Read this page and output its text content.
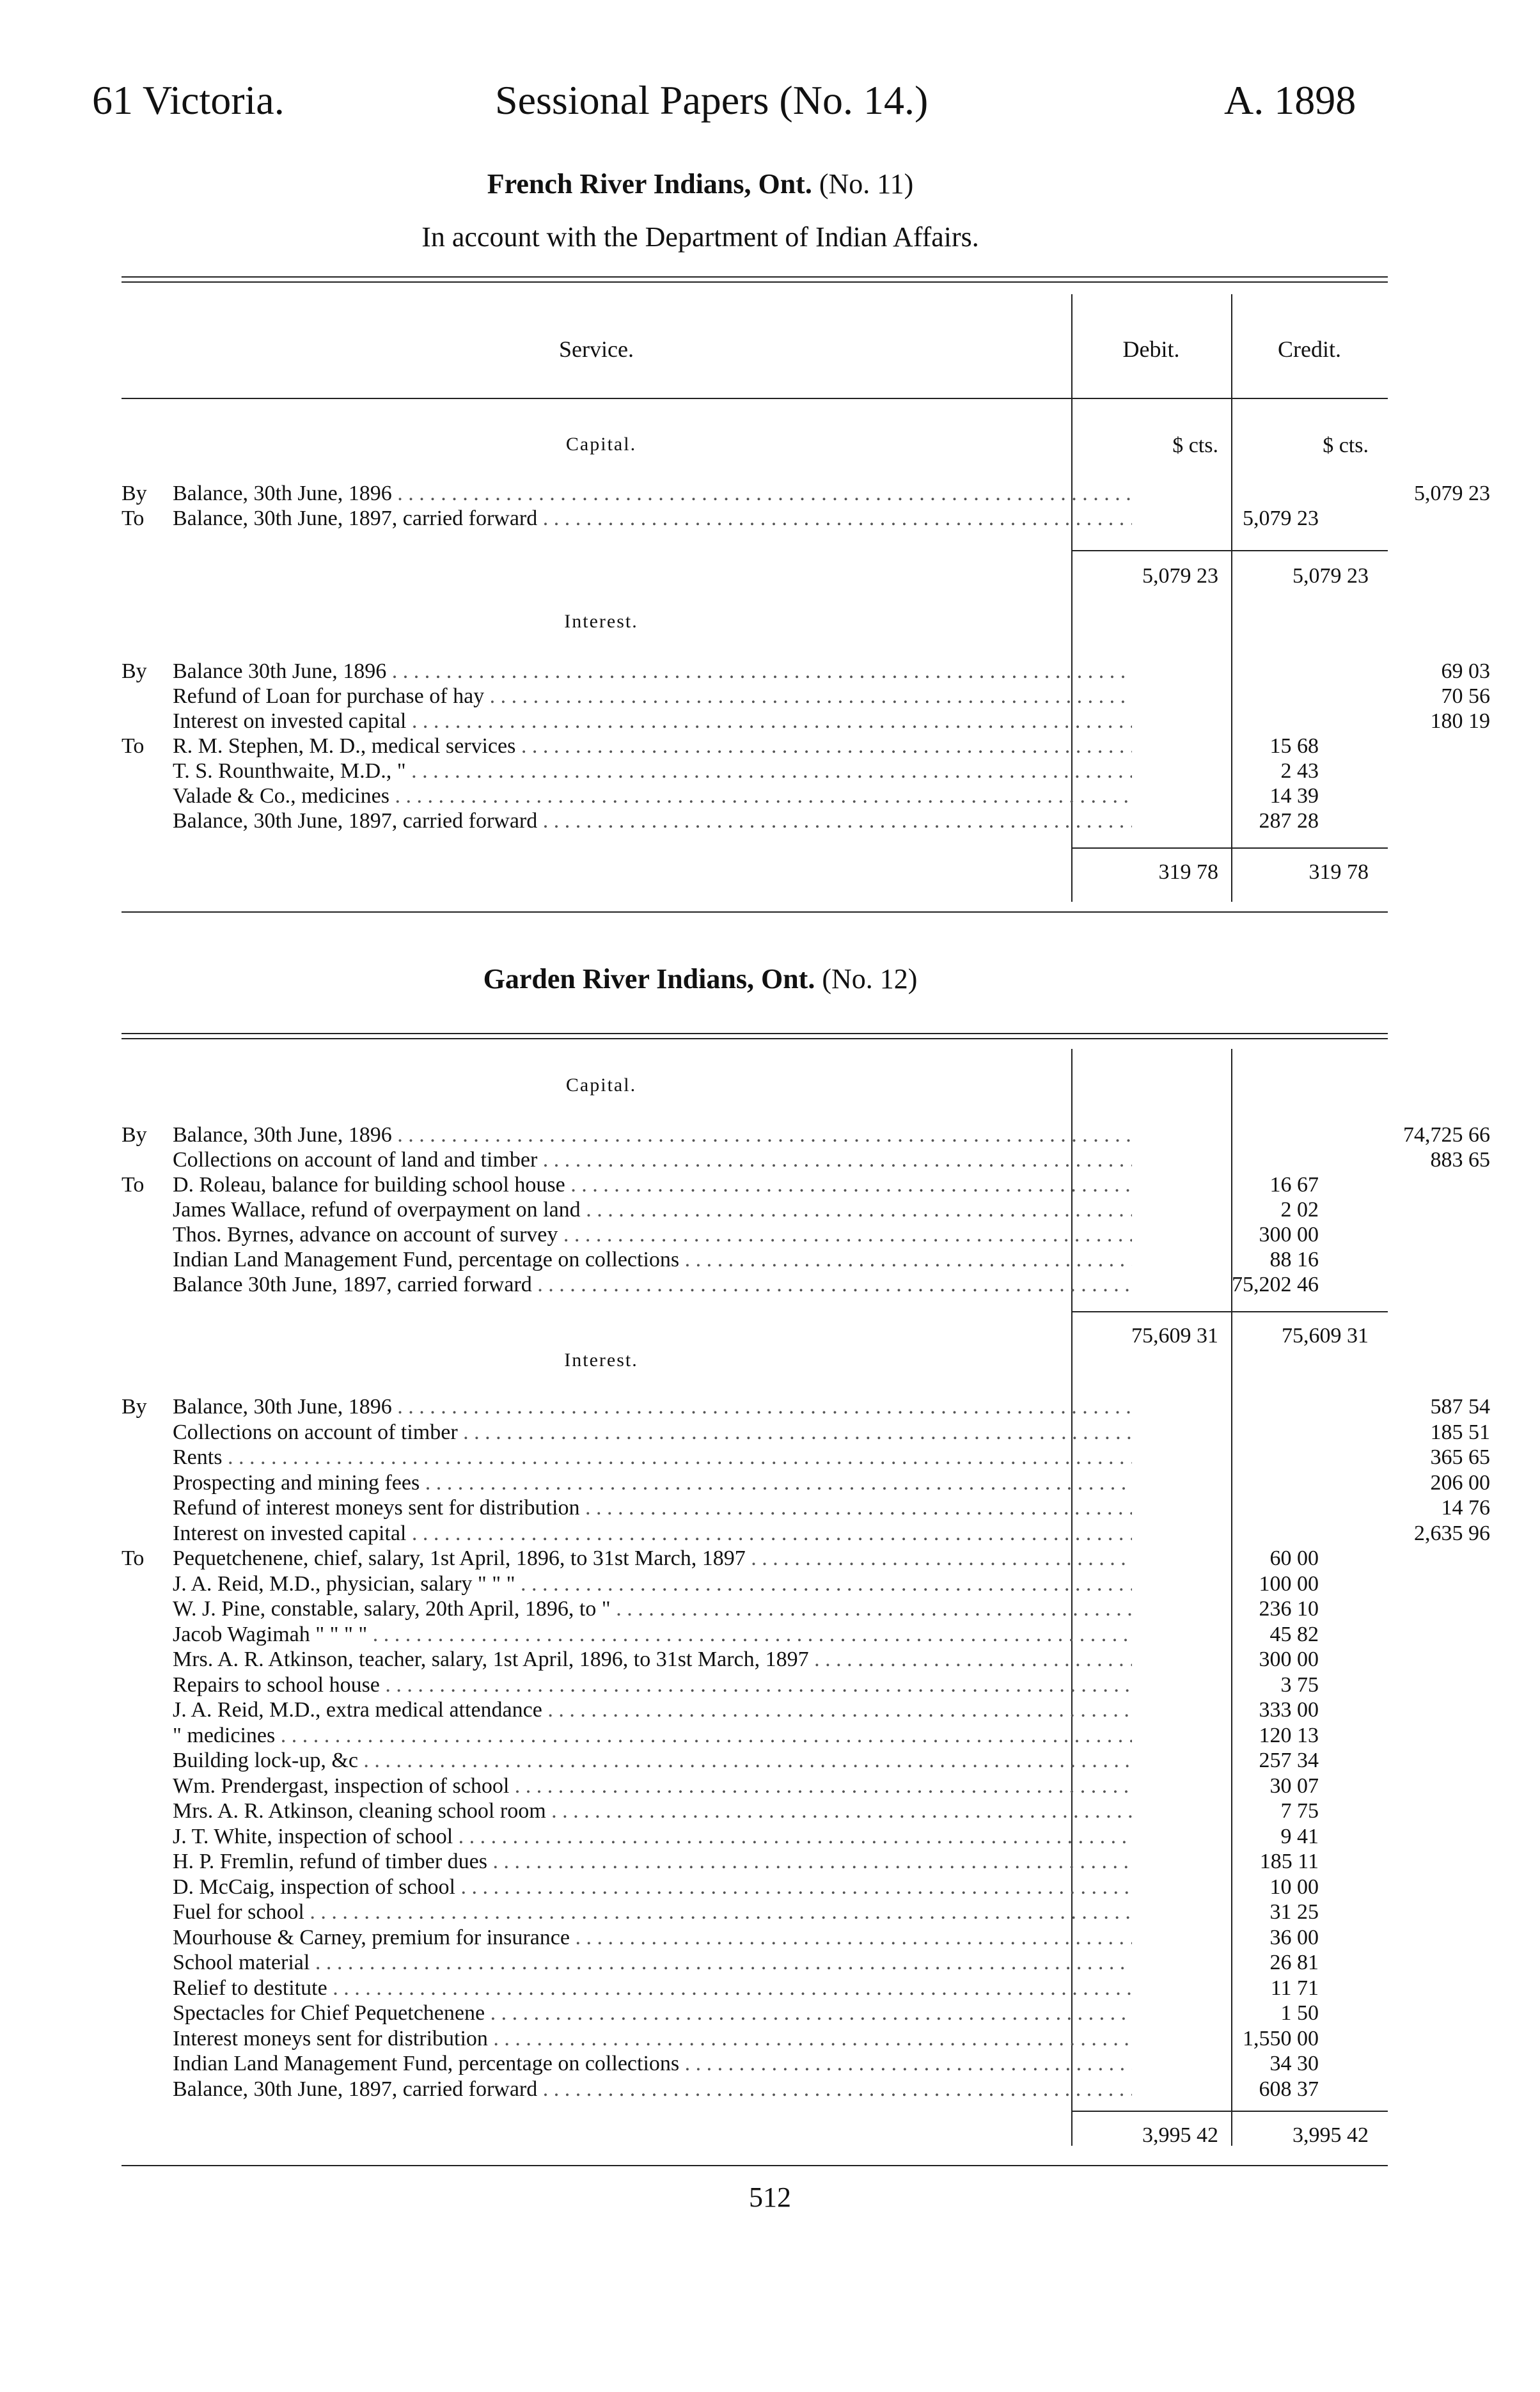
61 Victoria.	Sessional Papers (No. 14.)	A. 1898
French River Indians, Ont. (No. 11)
In account with the Department of Indian Affairs.
Service.	Debit.	Credit.
Capital.	$ cts.	$ cts.
By	Balance, 30th June, 1896 . . .	5,079 23
To	Balance, 30th June, 1897, carried forward . . .	5,079 23
5,079 23	5,079 23
Interest.
By	Balance 30th June, 1896 . . .	69 03
Refund of Loan for purchase of hay . . .	70 56
Interest on invested capital . . .	180 19
To	R. M. Stephen, M. D., medical services . . .	15 68
T. S. Rounthwaite, M.D., " . . .	2 43
Valade & Co., medicines . . .	14 39
Balance, 30th June, 1897, carried forward . . .	287 28
319 78	319 78
Garden River Indians, Ont. (No. 12)
Capital.
By	Balance, 30th June, 1896 . . .	74,725 66
Collections on account of land and timber . . .	883 65
To	D. Roleau, balance for building school house . . .	16 67
James Wallace, refund of overpayment on land . . .	2 02
Thos. Byrnes, advance on account of survey . . .	300 00
Indian Land Management Fund, percentage on collections . . .	88 16
Balance 30th June, 1897, carried forward . . .	75,202 46
75,609 31	75,609 31
Interest.
By	Balance, 30th June, 1896 . . .	587 54
Collections on account of timber . . .	185 51
Rents . . .	365 65
Prospecting and mining fees . . .	206 00
Refund of interest moneys sent for distribution . . .	14 76
Interest on invested capital . . .	2,635 96
To	Pequetchenene, chief, salary, 1st April, 1896, to 31st March, 1897 . . .	60 00
J. A. Reid, M.D., physician, salary " " " . . .	100 00
W. J. Pine, constable, salary, 20th April, 1896, to " . . .	236 10
Jacob Wagimah " " " " . . .	45 82
Mrs. A. R. Atkinson, teacher, salary, 1st April, 1896, to 31st March, 1897 . . .	300 00
Repairs to school house . . .	3 75
J. A. Reid, M.D., extra medical attendance . . .	333 00
" medicines . . .	120 13
Building lock-up, &c . . .	257 34
Wm. Prendergast, inspection of school . . .	30 07
Mrs. A. R. Atkinson, cleaning school room . . .	7 75
J. T. White, inspection of school . . .	9 41
H. P. Fremlin, refund of timber dues . . .	185 11
D. McCaig, inspection of school . . .	10 00
Fuel for school . . .	31 25
Mourhouse & Carney, premium for insurance . . .	36 00
School material . . .	26 81
Relief to destitute . . .	11 71
Spectacles for Chief Pequetchenene . . .	1 50
Interest moneys sent for distribution . . .	1,550 00
Indian Land Management Fund, percentage on collections . . .	34 30
Balance, 30th June, 1897, carried forward . . .	608 37
3,995 42	3,995 42
512
